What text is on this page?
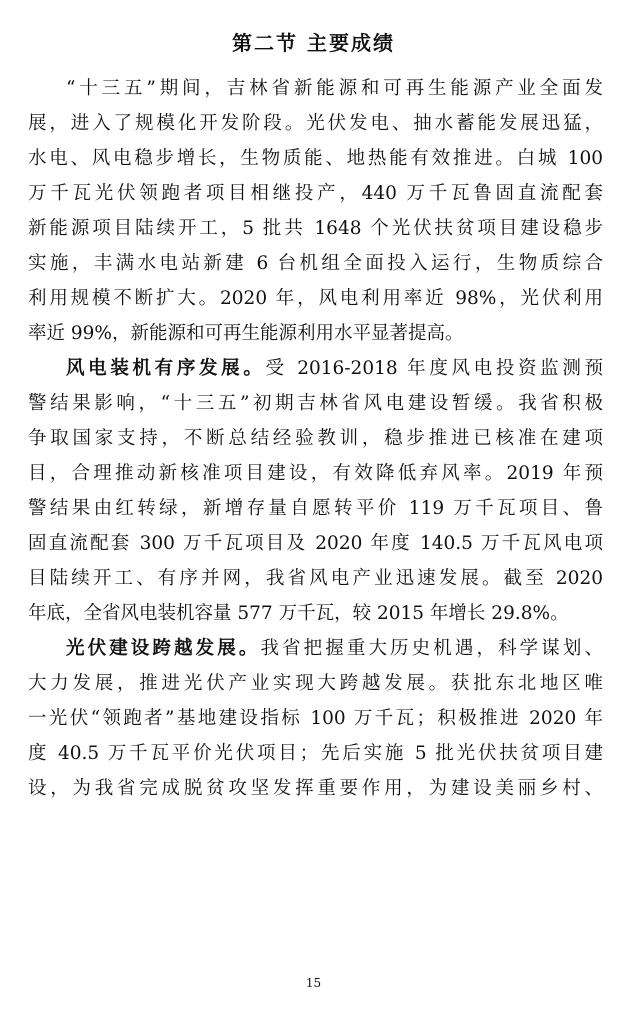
第二节 主要成绩
“十三五”期间，吉林省新能源和可再生能源产业全面发
展，进入了规模化开发阶段。光伏发电、抽水蓄能发展迅猛，
水电、风电稳步增长，生物质能、地热能有效推进。白城 100
万千瓦光伏领跑者项目相继投产，440 万千瓦鲁固直流配套
新能源项目陆续开工，5 批共 1648 个光伏扶贫项目建设稳步
实施，丰满水电站新建 6 台机组全面投入运行，生物质综合
利用规模不断扩大。2020 年，风电利用率近 98%，光伏利用
率近 99%，新能源和可再生能源利用水平显著提高。
风电装机有序发展。受 2016-2018 年度风电投资监测预
警结果影响，“十三五”初期吉林省风电建设暂缓。我省积极
争取国家支持，不断总结经验教训，稳步推进已核准在建项
目，合理推动新核准项目建设，有效降低弃风率。2019 年预
警结果由红转绿，新增存量自愿转平价 119 万千瓦项目、鲁
固直流配套 300 万千瓦项目及 2020 年度 140.5 万千瓦风电项
目陆续开工、有序并网，我省风电产业迅速发展。截至 2020
年底，全省风电装机容量 577 万千瓦，较 2015 年增长 29.8%。
光伏建设跨越发展。我省把握重大历史机遇，科学谋划、
大力发展，推进光伏产业实现大跨越发展。获批东北地区唯
一光伏“领跑者”基地建设指标 100 万千瓦；积极推进 2020 年
度 40.5 万千瓦平价光伏项目；先后实施 5 批光伏扶贫项目建
设，为我省完成脱贫攻坚发挥重要作用，为建设美丽乡村、
15
